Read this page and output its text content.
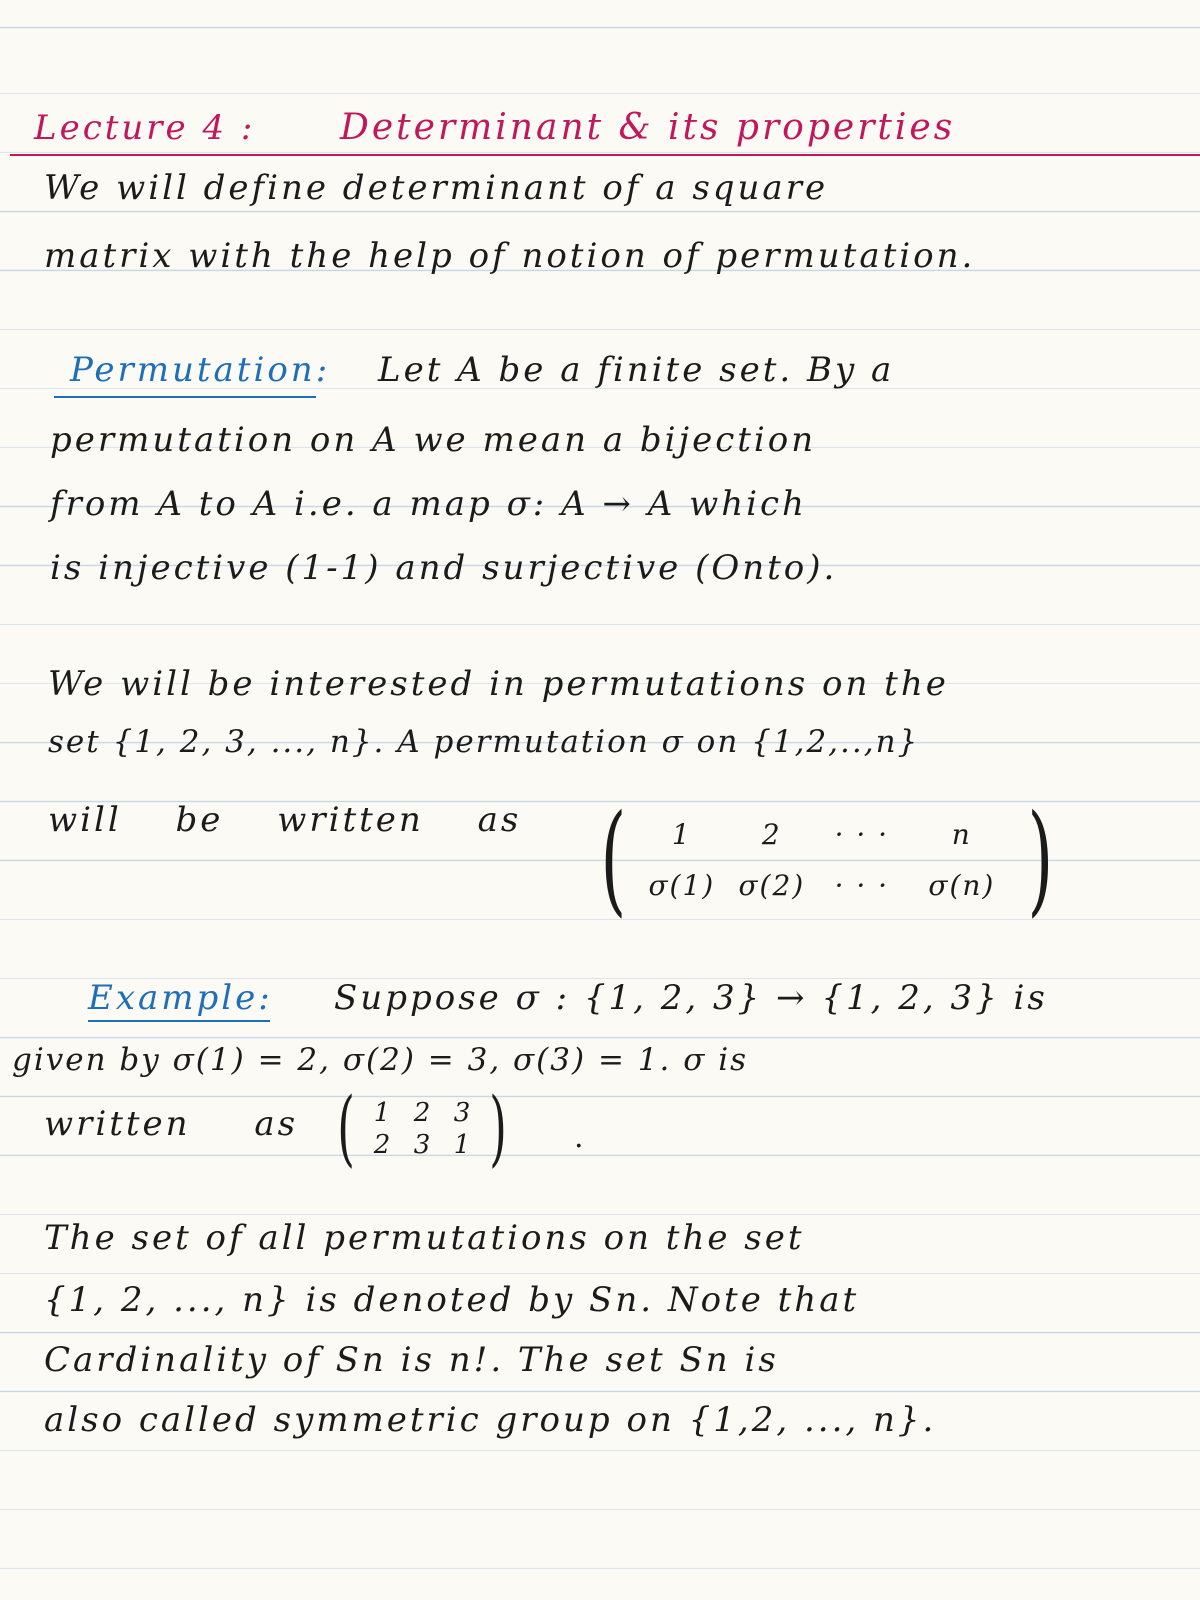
Lecture 4 : Determinant & its properties

We will define determinant of a square

matrix with the help of notion of permutation.

Permutation: Let A be a finite set. By a

permutation on A we mean a bijection

from A to A i.e. a map σ: A → A which

is injective (1-1) and surjective (Onto).

We will be interested in permutations on the

set {1, 2, 3, ..., n}. A permutation σ on {1,2,..,n}

will be written as (	1	2	· · ·	n
σ(1) σ(2)	· · ·	σ(n) )

Example: Suppose σ : {1, 2, 3} → {1, 2, 3} is

given by σ(1) = 2, σ(2) = 3, σ(3) = 1. σ is

written as ( 1 2 3
2 3 1 ) .

The set of all permutations on the set

{1, 2, ..., n} is denoted by Sn. Note that

Cardinality of Sn is n!. The set Sn is

also called symmetric group on {1,2, ..., n}.
